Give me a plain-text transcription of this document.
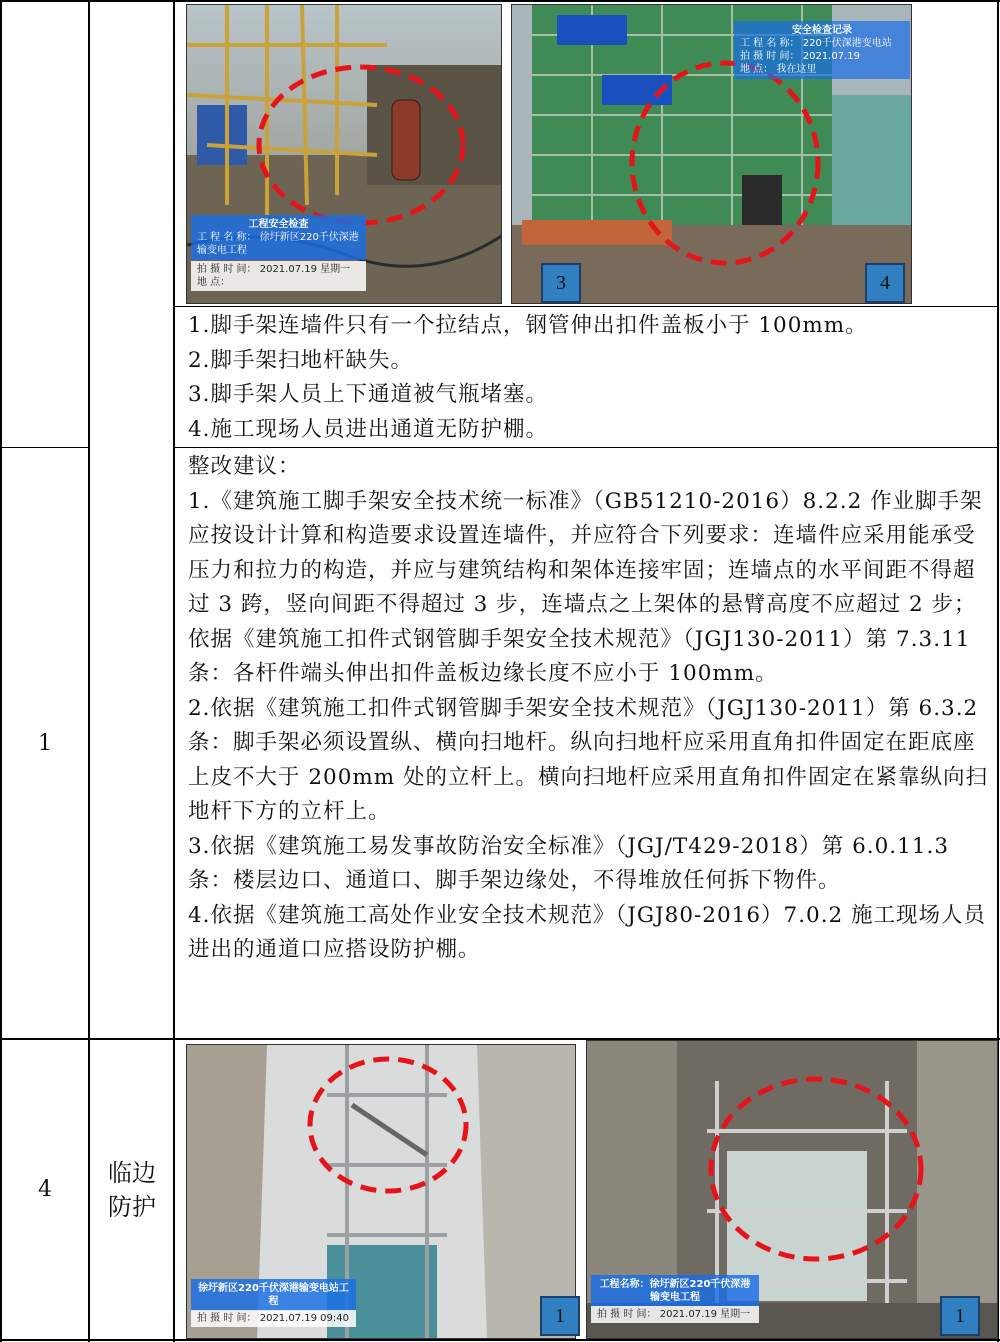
工程安全检查
工 程 名 称： 徐圩新区220千伏深港
输变电工程
拍 摄 时 间： 2021.07.19 星期一
地 点：
安全检查记录
工 程 名 称： 220千伏深港变电站
拍 摄 时 间： 2021.07.19
地 点： 我在这里
3	4

1.脚手架连墙件只有一个拉结点，钢管伸出扣件盖板小于 100mm。

2.脚手架扫地杆缺失。

3.脚手架人员上下通道被气瓶堵塞。

4.施工现场人员进出通道无防护棚。

1

整改建议：

1.《建筑施工脚手架安全技术统一标准》（GB51210-2016）8.2.2 作业脚手架应按设计计算和构造要求设置连墙件，并应符合下列要求：连墙件应采用能承受压力和拉力的构造，并应与建筑结构和架体连接牢固；连墙点的水平间距不得超过 3 跨，竖向间距不得超过 3 步，连墙点之上架体的悬臂高度不应超过 2 步；依据《建筑施工扣件式钢管脚手架安全技术规范》（JGJ130-2011）第 7.3.11 条：各杆件端头伸出扣件盖板边缘长度不应小于 100mm。

2.依据《建筑施工扣件式钢管脚手架安全技术规范》（JGJ130-2011）第 6.3.2 条：脚手架必须设置纵、横向扫地杆。纵向扫地杆应采用直角扣件固定在距底座上皮不大于 200mm 处的立杆上。横向扫地杆应采用直角扣件固定在紧靠纵向扫地杆下方的立杆上。

3.依据《建筑施工易发事故防治安全标准》（JGJ/T429-2018）第 6.0.11.3 条：楼层边口、通道口、脚手架边缘处，不得堆放任何拆下物件。

4.依据《建筑施工高处作业安全技术规范》（JGJ80-2016）7.0.2 施工现场人员进出的通道口应搭设防护棚。

4
临边
防护
徐圩新区220千伏深港输变电站工程
拍 摄 时 间： 2021.07.19 09:40
工程名称：徐圩新区220千伏深港输变电工程
拍 摄 时 间： 2021.07.19 星期一
1	1
